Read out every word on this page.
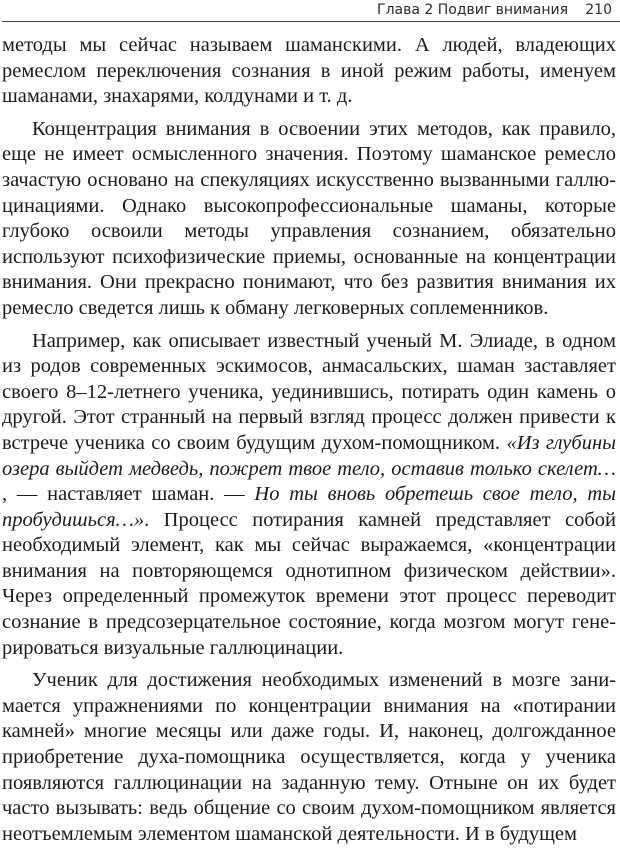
Глава 2 Подвиг внимания 210

методы мы сейчас называем шаманскими. А людей, владеющих ремеслом переключения сознания в иной режим работы, именуем шаманами, знахарями, колдунами и т. д.

Концентрация внимания в освоении этих методов, как правило, еще не имеет осмысленного значения. Поэтому шаманское ремесло зачастую основано на спекуляциях искусственно вызванными галлю-цинациями. Однако высокопрофессиональные шаманы, которые глубоко освоили методы управления сознанием, обязательно используют психофизические приемы, основанные на концентрации внимания. Они прекрасно понимают, что без развития внимания их ремесло сведется лишь к обману легковерных соплеменников.

Например, как описывает известный ученый М. Элиаде, в одном из родов современных эскимосов, анмасальских, шаман заставляет своего 8–12-летнего ученика, уединившись, потирать один камень о другой. Этот странный на первый взгляд процесс должен привести к встрече ученика со своим будущим духом-помощником. «Из глубины озера выйдет медведь, пожрет твое тело, оставив только скелет… , — наставляет шаман. — Но ты вновь обретешь свое тело, ты пробудишься…». Процесс потирания камней представляет собой необходимый элемент, как мы сейчас выражаемся, «концентрации внимания на повторяющемся однотипном физическом действии». Через определенный промежуток времени этот процесс переводит сознание в предсозерцательное состояние, когда мозгом могут гене-рироваться визуальные галлюцинации.

Ученик для достижения необходимых изменений в мозге зани-мается упражнениями по концентрации внимания на «потирании камней» многие месяцы или даже годы. И, наконец, долгожданное приобретение духа-помощника осуществляется, когда у ученика появляются галлюцинации на заданную тему. Отныне он их будет часто вызывать: ведь общение со своим духом-помощником является неотъемлемым элементом шаманской деятельности. И в будущем
